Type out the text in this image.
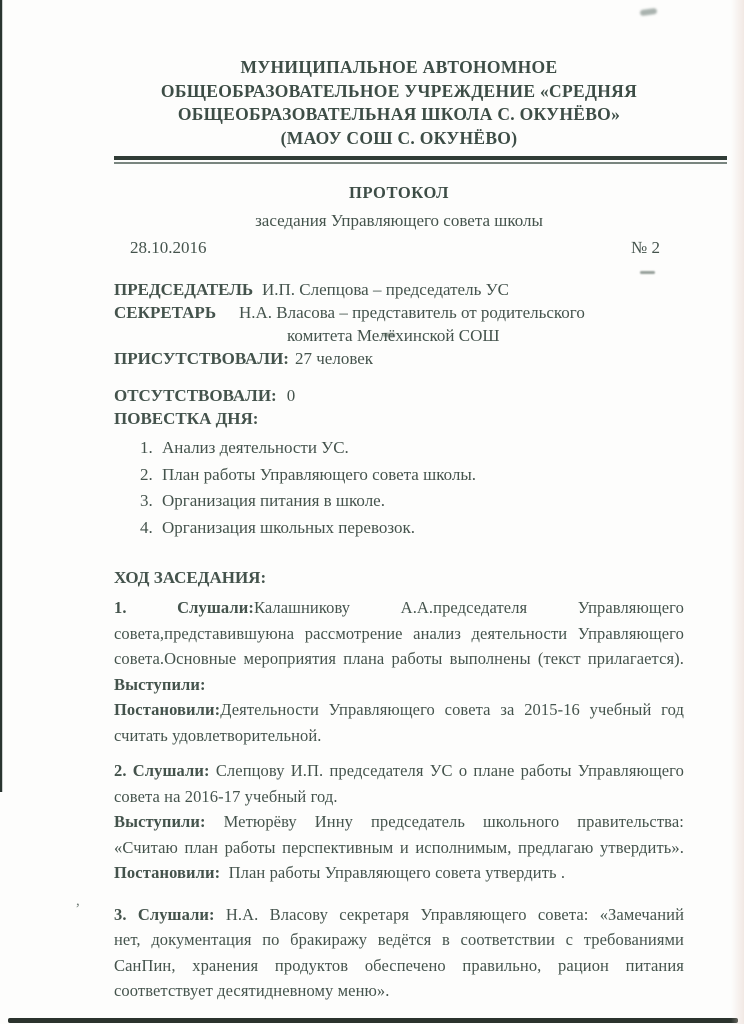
,
МУНИЦИПАЛЬНОЕ АВТОНОМНОЕ
ОБЩЕОБРАЗОВАТЕЛЬНОЕ УЧРЕЖДЕНИЕ «СРЕДНЯЯ
ОБЩЕОБРАЗОВАТЕЛЬНАЯ ШКОЛА С. ОКУНЁВО»
(МАОУ СОШ С. ОКУНЁВО)
ПРОТОКОЛ
заседания Управляющего совета школы
28.10.2016	№ 2
ПРЕДСЕДАТЕЛЬ И.П. Слепцова – председатель УС
СЕКРЕТАРЬ Н.А. Власова – представитель от родительского
комитета Мелёхинской СОШ
ПРИСУТСТВОВАЛИ: 27 человек
ОТСУТСТВОВАЛИ: 0
ПОВЕСТКА ДНЯ:
1. Анализ деятельности УС.
2. План работы Управляющего совета школы.
3. Организация питания в школе.
4. Организация школьных перевозок.
ХОД ЗАСЕДАНИЯ:
1.	Слушали:Калашникову	А.А.председателя	Управляющего
совета,представившуюна рассмотрение анализ деятельности Управляющего
совета.Основные мероприятия плана работы выполнены (текст прилагается).
Выступили:
Постановили:Деятельности Управляющего совета за 2015-16 учебный год
считать удовлетворительной.
2. Слушали: Слепцову И.П. председателя УС о плане работы Управляющего
совета на 2016-17 учебный год.
Выступили: Метюрёву Инну председатель школьного правительства:
«Считаю план работы перспективным и исполнимым, предлагаю утвердить».
Постановили: План работы Управляющего совета утвердить .
3. Слушали: Н.А. Власову секретаря Управляющего совета: «Замечаний
нет, документация по бракиражу ведётся в соответствии с требованиями
СанПин, хранения продуктов обеспечено правильно, рацион питания
соответствует десятидневному меню».
